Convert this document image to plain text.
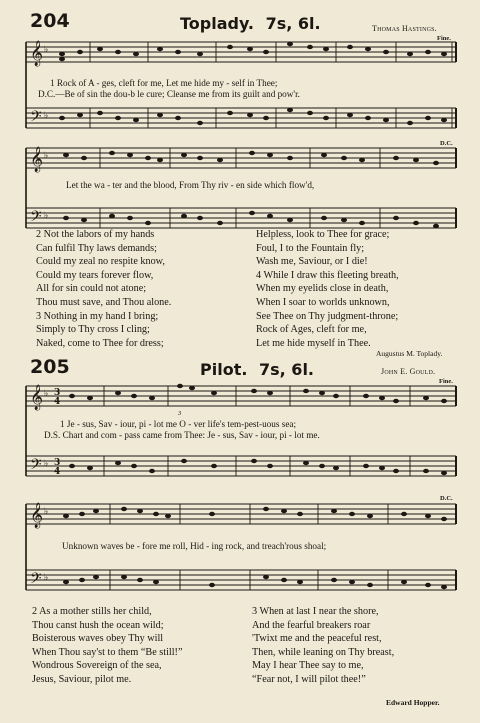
204	Toplady. 7s, 6l.	Thomas Hastings.
Fine.
𝄞
𝄢
♭
♭
1 Rock of A - ges, cleft for me, Let me hide my - self in Thee;
D.C.—Be of sin the dou-b le cure; Cleanse me from its guilt and pow'r.
D.C.
𝄞
𝄢
♭
♭
Let the wa - ter and the blood, From Thy riv - en side which flow'd,
2 Not the labors of my hands
Can fulfil Thy laws demands;
Could my zeal no respite know,
Could my tears forever flow,
All for sin could not atone;
Thou must save, and Thou alone.
3 Nothing in my hand I bring;
Simply to Thy cross I cling;
Naked, come to Thee for dress;
Helpless, look to Thee for grace;
Foul, I to the Fountain fly;
Wash me, Saviour, or I die!
4 While I draw this fleeting breath,
When my eyelids close in death,
When I soar to worlds unknown,
See Thee on Thy judgment-throne;
Rock of Ages, cleft for me,
Let me hide myself in Thee.
Augustus M. Toplady.
205	Pilot. 7s, 6l.	John E. Gould.
Fine.
3
𝄞
𝄢
♭
♭
3
4
3
4
1 Je - sus, Sav - iour, pi - lot me O - ver life's tem-pest-uous sea;
D.S. Chart and com - pass came from Thee: Je - sus, Sav - iour, pi - lot me.
D.C.
𝄞
𝄢
♭
♭
Unknown waves be - fore me roll, Hid - ing rock, and treach'rous shoal;
2 As a mother stills her child,
Thou canst hush the ocean wild;
Boisterous waves obey Thy will
When Thou say'st to them “Be still!”
Wondrous Sovereign of the sea,
Jesus, Saviour, pilot me.
3 When at last I near the shore,
And the fearful breakers roar
'Twixt me and the peaceful rest,
Then, while leaning on Thy breast,
May I hear Thee say to me,
“Fear not, I will pilot thee!”
Edward Hopper.
